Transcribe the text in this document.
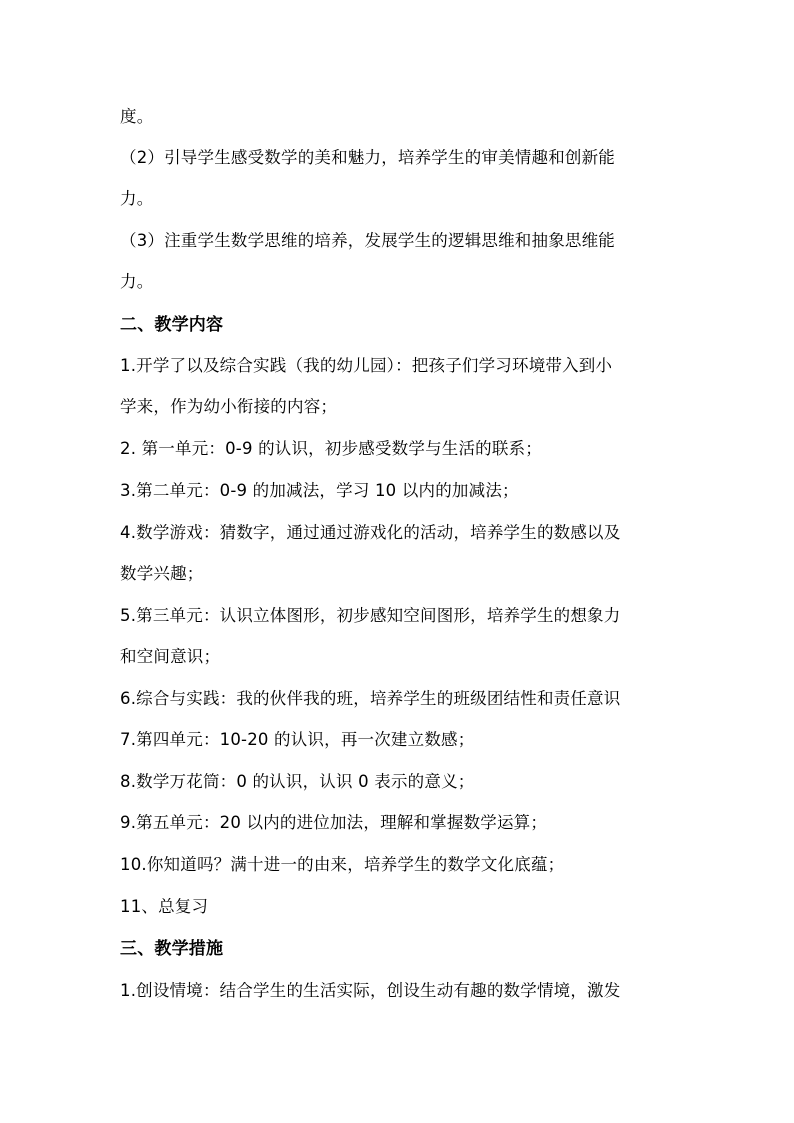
度。
（2）引导学生感受数学的美和魅力，培养学生的审美情趣和创新能
力。
（3）注重学生数学思维的培养，发展学生的逻辑思维和抽象思维能
力。
二、教学内容
1.开学了以及综合实践（我的幼儿园）：把孩子们学习环境带入到小
学来，作为幼小衔接的内容；
2. 第一单元：0-9 的认识，初步感受数学与生活的联系；
3.第二单元：0-9 的加减法，学习 10 以内的加减法；
4.数学游戏：猜数字，通过通过游戏化的活动，培养学生的数感以及
数学兴趣；
5.第三单元：认识立体图形，初步感知空间图形，培养学生的想象力
和空间意识；
6.综合与实践：我的伙伴我的班，培养学生的班级团结性和责任意识
7.第四单元：10-20 的认识，再一次建立数感；
8.数学万花筒：0 的认识，认识 0 表示的意义；
9.第五单元：20 以内的进位加法，理解和掌握数学运算；
10.你知道吗？满十进一的由来，培养学生的数学文化底蕴；
11、总复习
三、教学措施
1.创设情境：结合学生的生活实际，创设生动有趣的数学情境，激发
